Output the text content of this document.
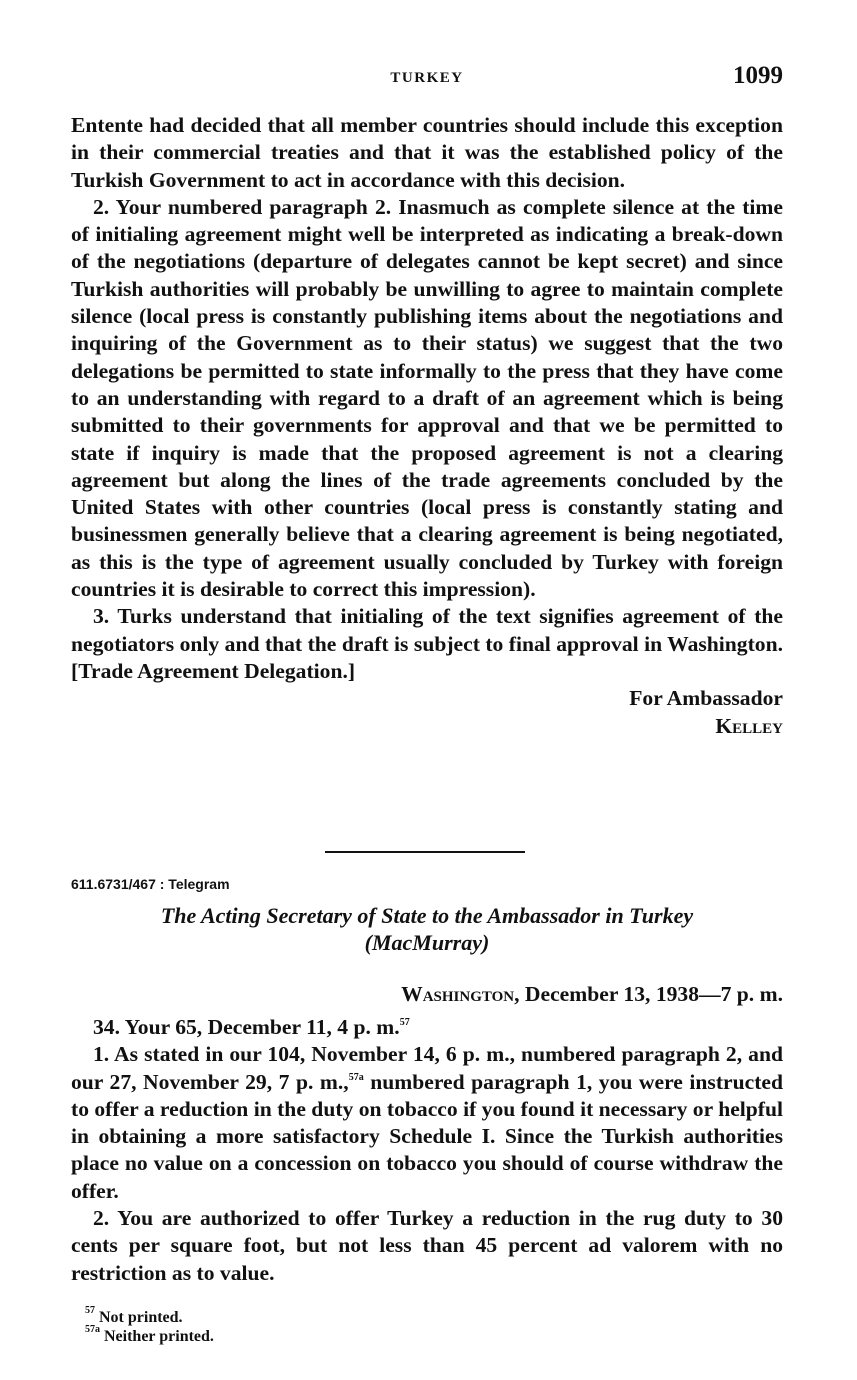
TURKEY	1099

Entente had decided that all member countries should include this exception in their commercial treaties and that it was the established policy of the Turkish Government to act in accordance with this decision.

2. Your numbered paragraph 2. Inasmuch as complete silence at the time of initialing agreement might well be interpreted as indicating a break-down of the negotiations (departure of delegates cannot be kept secret) and since Turkish authorities will probably be unwilling to agree to maintain complete silence (local press is constantly publishing items about the negotiations and inquiring of the Government as to their status) we suggest that the two delegations be permitted to state informally to the press that they have come to an understanding with regard to a draft of an agreement which is being submitted to their governments for approval and that we be permitted to state if inquiry is made that the proposed agreement is not a clearing agreement but along the lines of the trade agreements concluded by the United States with other countries (local press is constantly stating and businessmen generally believe that a clearing agreement is being negotiated, as this is the type of agreement usually concluded by Turkey with foreign countries it is desirable to correct this impression).

3. Turks understand that initialing of the text signifies agreement of the negotiators only and that the draft is subject to final approval in Washington. [Trade Agreement Delegation.]

For Ambassador

Kelley

611.6731/467 : Telegram
The Acting Secretary of State to the Ambassador in Turkey
(MacMurray)
Washington, December 13, 1938—7 p. m.

34. Your 65, December 11, 4 p. m.$^{57}$

1. As stated in our 104, November 14, 6 p. m., numbered paragraph 2, and our 27, November 29, 7 p. m.,$^{57a}$ numbered paragraph 1, you were instructed to offer a reduction in the duty on tobacco if you found it necessary or helpful in obtaining a more satisfactory Schedule I. Since the Turkish authorities place no value on a concession on tobacco you should of course withdraw the offer.

2. You are authorized to offer Turkey a reduction in the rug duty to 30 cents per square foot, but not less than 45 percent ad valorem with no restriction as to value.

$^{57}$ Not printed.
$^{57a}$ Neither printed.
